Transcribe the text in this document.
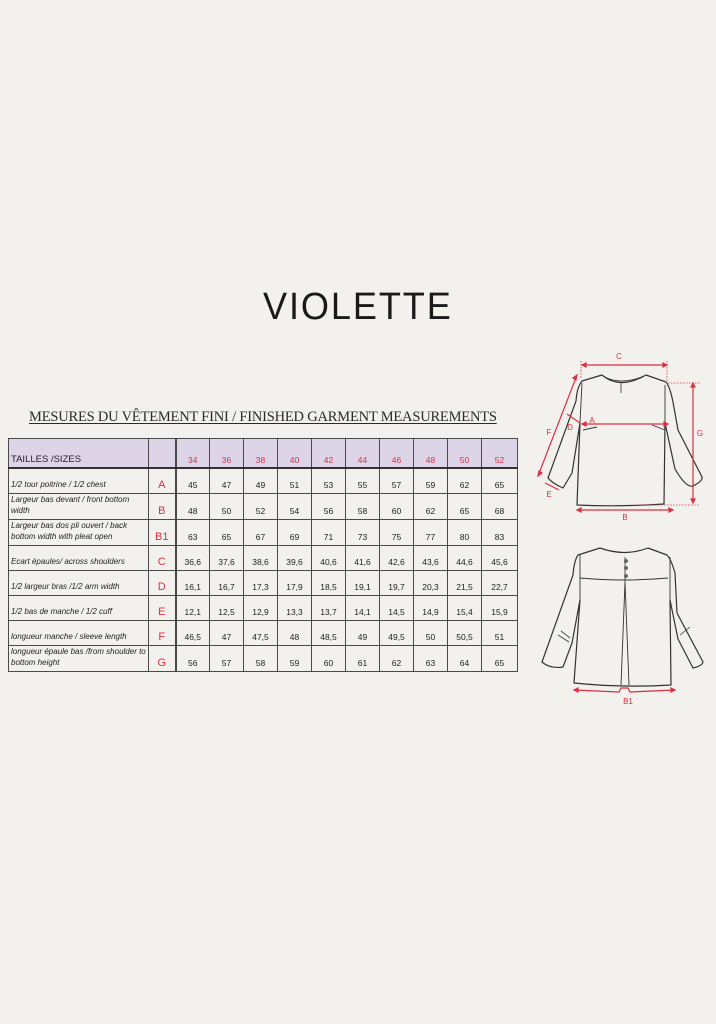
VIOLETTE
MESURES DU VÊTEMENT FINI / FINISHED GARMENT MEASUREMENTS
TAILLES /SIZES		34	36	38	40	42	44	46	48	50	52
1/2 tour poitrine / 1/2 chest	A	45	47	49	51	53	55	57	59	62	65
Largeur bas devant / front bottom width	B	48	50	52	54	56	58	60	62	65	68
Largeur bas dos pli ouvert / back bottom width with pleat open	B1	63	65	67	69	71	73	75	77	80	83
Ecart épaules/ across shoulders	C	36,6	37,6	38,6	39,6	40,6	41,6	42,6	43,6	44,6	45,6
1/2 largeur bras /1/2 arm width	D	16,1	16,7	17,3	17,9	18,5	19,1	19,7	20,3	21,5	22,7
1/2 bas de manche / 1/2 cuff	E	12,1	12,5	12,9	13,3	13,7	14,1	14,5	14,9	15,4	15,9
longueur manche / sleeve length	F	46,5	47	47,5	48	48,5	49	49,5	50	50,5	51
longueur épaule bas /from shoulder to bottom height	G	56	57	58	59	60	61	62	63	64	65
C
A
D
F
E
G
B
B1
